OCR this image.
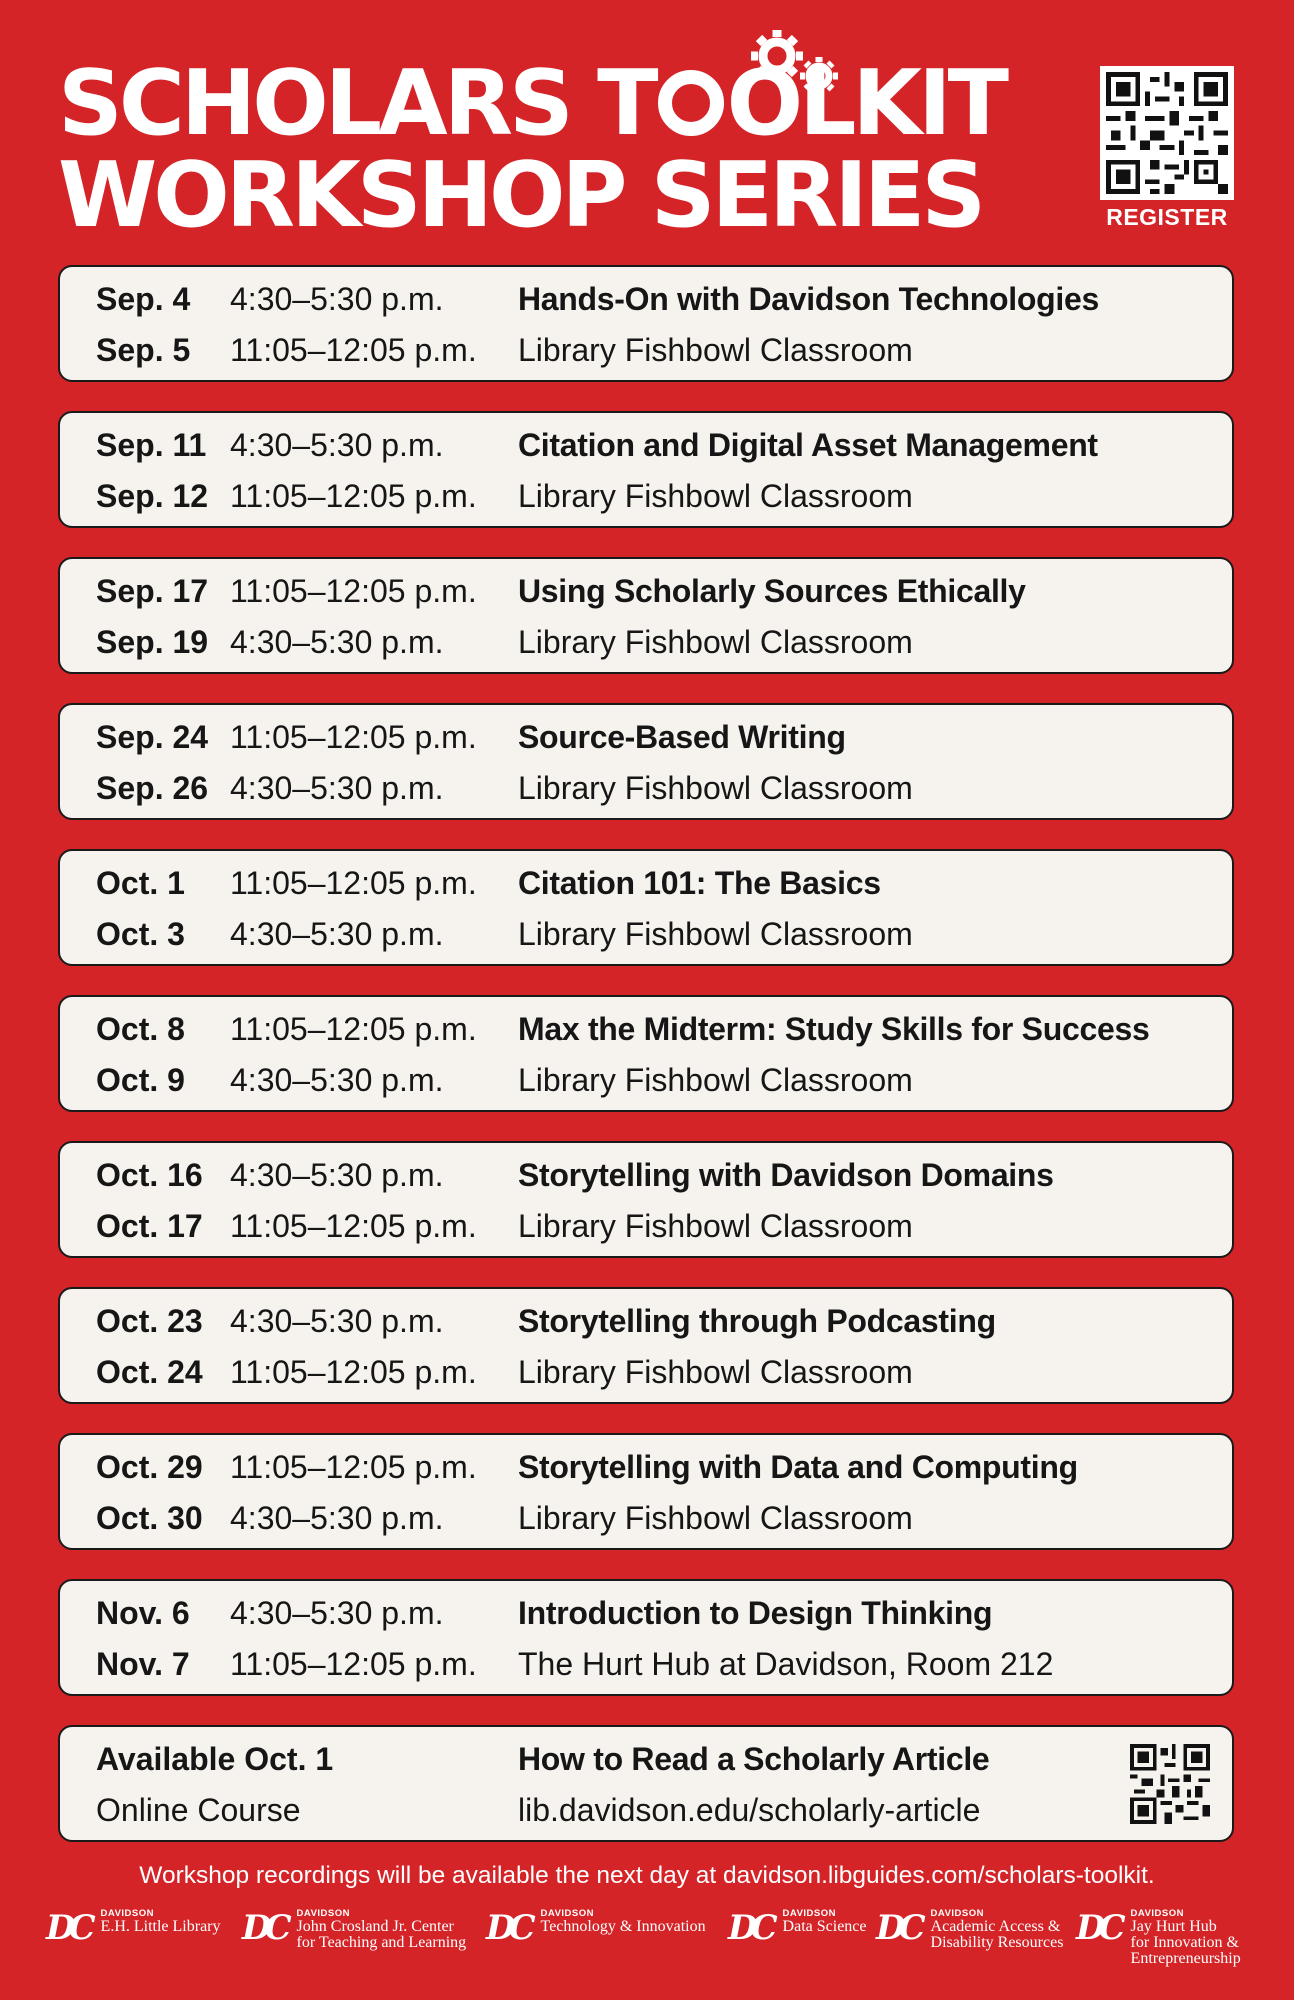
SCHOLARS T OLKIT
WORKSHOP SERIES	REGISTER
Sep. 4 4:30–5:30 p.m. Hands-On with Davidson Technologies
Sep. 5 11:05–12:05 p.m. Library Fishbowl Classroom
Sep. 11 4:30–5:30 p.m. Citation and Digital Asset Management
Sep. 12 11:05–12:05 p.m. Library Fishbowl Classroom
Sep. 17 11:05–12:05 p.m. Using Scholarly Sources Ethically
Sep. 19 4:30–5:30 p.m. Library Fishbowl Classroom
Sep. 24 11:05–12:05 p.m. Source-Based Writing
Sep. 26 4:30–5:30 p.m. Library Fishbowl Classroom
Oct. 1 11:05–12:05 p.m. Citation 101: The Basics
Oct. 3 4:30–5:30 p.m. Library Fishbowl Classroom
Oct. 8 11:05–12:05 p.m. Max the Midterm: Study Skills for Success
Oct. 9 4:30–5:30 p.m. Library Fishbowl Classroom
Oct. 16 4:30–5:30 p.m. Storytelling with Davidson Domains
Oct. 17 11:05–12:05 p.m. Library Fishbowl Classroom
Oct. 23 4:30–5:30 p.m. Storytelling through Podcasting
Oct. 24 11:05–12:05 p.m. Library Fishbowl Classroom
Oct. 29 11:05–12:05 p.m. Storytelling with Data and Computing
Oct. 30 4:30–5:30 p.m. Library Fishbowl Classroom
Nov. 6 4:30–5:30 p.m. Introduction to Design Thinking
Nov. 7 11:05–12:05 p.m. The Hurt Hub at Davidson, Room 212
Available Oct. 1
Online Course
How to Read a Scholarly Article
lib.davidson.edu/scholarly-article
Workshop recordings will be available the next day at davidson.libguides.com/scholars-toolkit.
DC DAVIDSON
E.H. Little Library DC DAVIDSON
John Crosland Jr. Center
for Teaching and Learning DC DAVIDSON
Technology & Innovation DC DAVIDSON
Data Science DC DAVIDSON
Academic Access &
Disability Resources DC DAVIDSON
Jay Hurt Hub
for Innovation &
Entrepreneurship
